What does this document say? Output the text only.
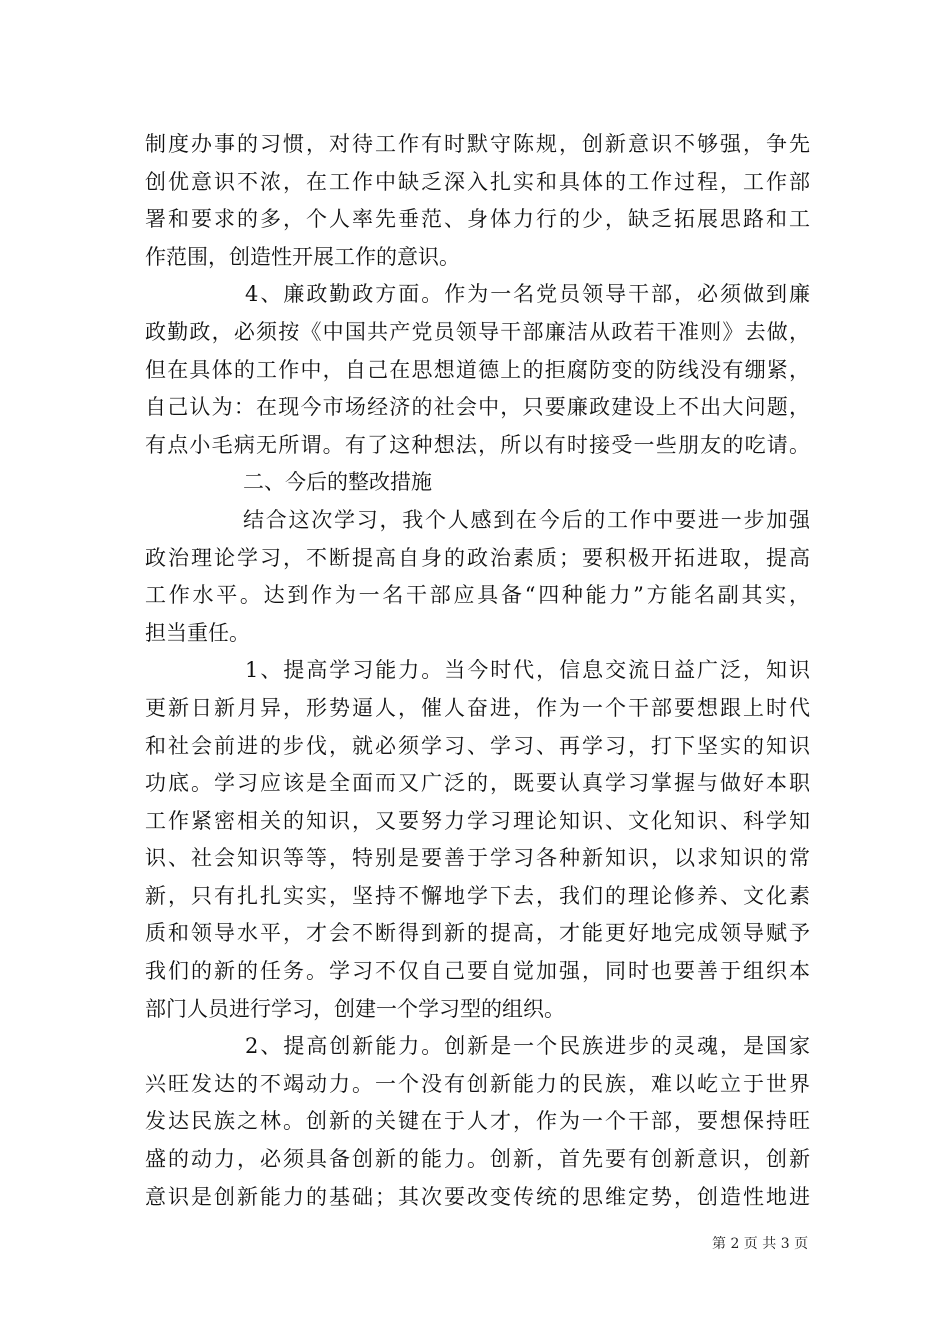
制度办事的习惯，对待工作有时默守陈规，创新意识不够强，争先
创优意识不浓，在工作中缺乏深入扎实和具体的工作过程，工作部
署和要求的多，个人率先垂范、身体力行的少，缺乏拓展思路和工
作范围，创造性开展工作的意识。
4、廉政勤政方面。作为一名党员领导干部，必须做到廉
政勤政，必须按《中国共产党员领导干部廉洁从政若干准则》去做，
但在具体的工作中，自己在思想道德上的拒腐防变的防线没有绷紧，
自己认为：在现今市场经济的社会中，只要廉政建设上不出大问题，
有点小毛病无所谓。有了这种想法，所以有时接受一些朋友的吃请。
二、今后的整改措施
结合这次学习，我个人感到在今后的工作中要进一步加强
政治理论学习，不断提高自身的政治素质；要积极开拓进取，提高
工作水平。达到作为一名干部应具备“四种能力”方能名副其实，
担当重任。
1、提高学习能力。当今时代，信息交流日益广泛，知识
更新日新月异，形势逼人，催人奋进，作为一个干部要想跟上时代
和社会前进的步伐，就必须学习、学习、再学习，打下坚实的知识
功底。学习应该是全面而又广泛的，既要认真学习掌握与做好本职
工作紧密相关的知识，又要努力学习理论知识、文化知识、科学知
识、社会知识等等，特别是要善于学习各种新知识，以求知识的常
新，只有扎扎实实，坚持不懈地学下去，我们的理论修养、文化素
质和领导水平，才会不断得到新的提高，才能更好地完成领导赋予
我们的新的任务。学习不仅自己要自觉加强，同时也要善于组织本
部门人员进行学习，创建一个学习型的组织。
2、提高创新能力。创新是一个民族进步的灵魂，是国家
兴旺发达的不竭动力。一个没有创新能力的民族，难以屹立于世界
发达民族之林。创新的关键在于人才，作为一个干部，要想保持旺
盛的动力，必须具备创新的能力。创新，首先要有创新意识，创新
意识是创新能力的基础；其次要改变传统的思维定势，创造性地进
第 2 页 共 3 页
